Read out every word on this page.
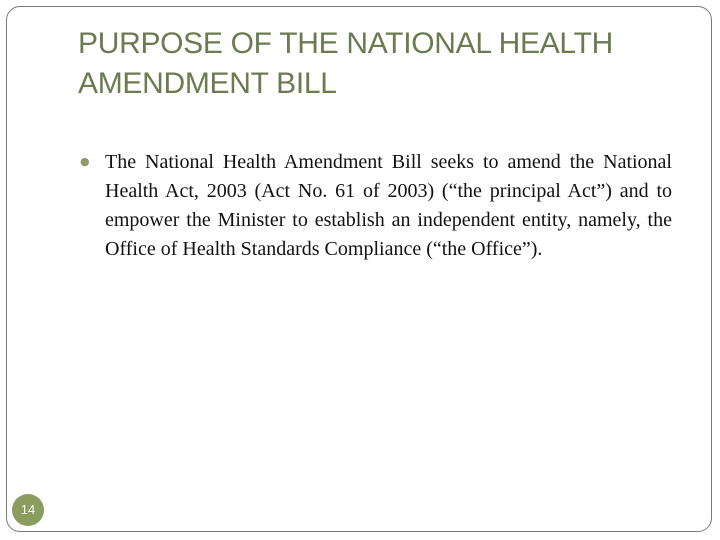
PURPOSE OF THE NATIONAL HEALTH AMENDMENT BILL
● The National Health Amendment Bill seeks to amend the National Health Act, 2003 (Act No. 61 of 2003) (“the principal Act”) and to empower the Minister to establish an independent entity, namely, the Office of Health Standards Compliance (“the Office”).

14
